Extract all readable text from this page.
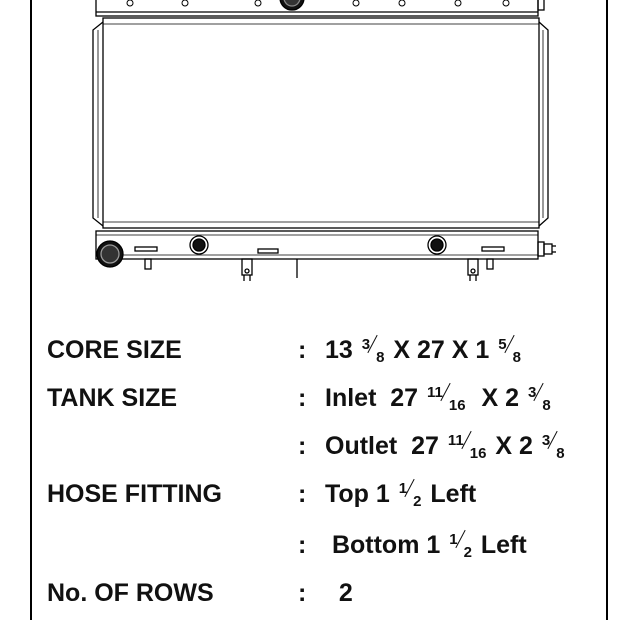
CORE SIZE	: 13 38 X 27 X 1 58
TANK SIZE	: Inlet  27 1116  X 2 38
: Outlet  27 1116 X 2 38
HOSE FITTING	: Top 1 12 Left
: Bottom 1 12 Left
No. OF ROWS	: 2
